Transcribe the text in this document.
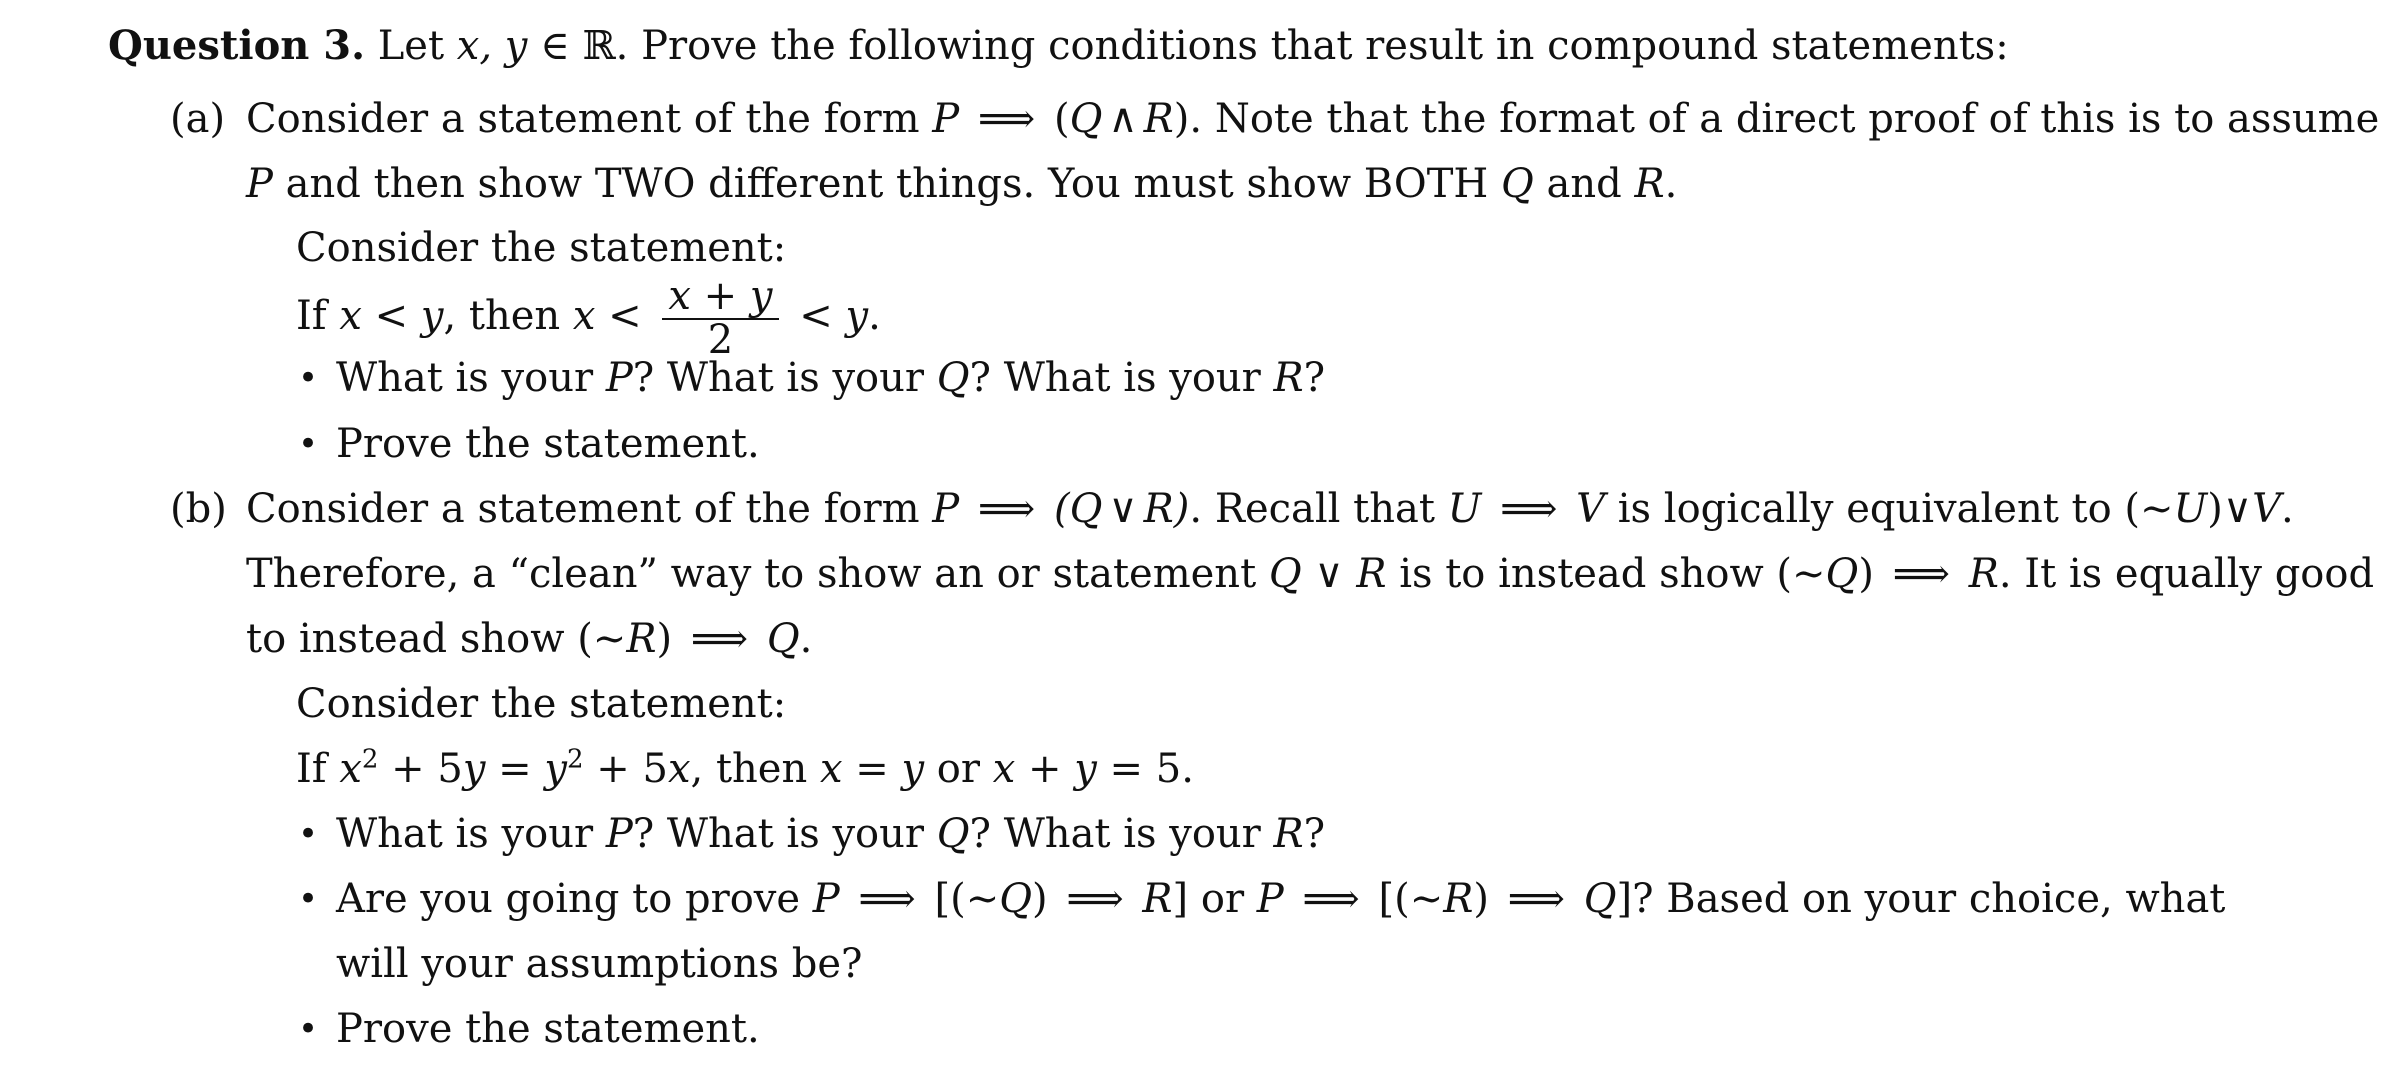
Question 3. Let x, y ∈ ℝ. Prove the following conditions that result in compound statements:
(a) Consider a statement of the form P ⟹ (Q ∧ R). Note that the format of a direct proof of this is to assume
P and then show TWO different things. You must show BOTH Q and R.
Consider the statement:
If x < y, then $x < \frac{x + y}{2} < y$.
• What is your P? What is your Q? What is your R?
• Prove the statement.
(b) Consider a statement of the form P ⟹ (Q ∨ R). Recall that U ⟹ V is logically equivalent to (∼U)∨V.
Therefore, a “clean” way to show an or statement Q ∨ R is to instead show (∼Q) ⟹ R. It is equally good
to instead show (∼R) ⟹ Q.
Consider the statement:
If $x^2 + 5y = y^2 + 5x$, then x = y or x + y = 5.
• What is your P? What is your Q? What is your R?
• Are you going to prove P ⟹ [(∼Q) ⟹ R] or P ⟹ [(∼R) ⟹ Q]? Based on your choice, what
will your assumptions be?
• Prove the statement.
